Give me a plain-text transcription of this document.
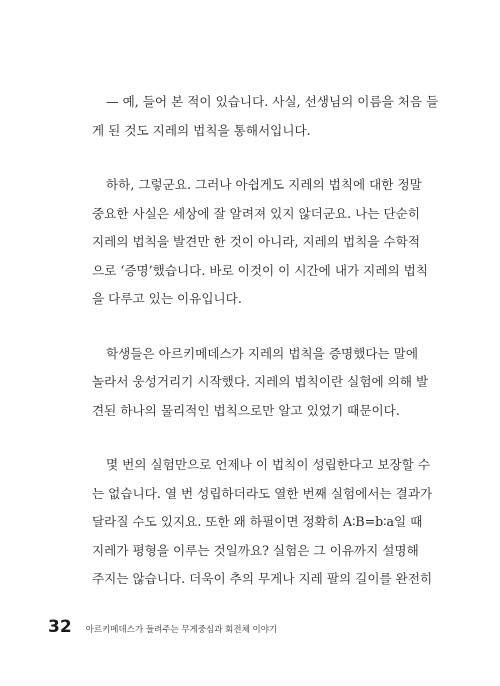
— 예, 들어 본 적이 있습니다. 사실, 선생님의 이름을 처음 들
게 된 것도 지레의 법칙을 통해서입니다.

하하, 그렇군요. 그러나 아쉽게도 지레의 법칙에 대한 정말
중요한 사실은 세상에 잘 알려져 있지 않더군요. 나는 단순히
지레의 법칙을 발견만 한 것이 아니라, 지레의 법칙을 수학적
으로 ‘증명’했습니다. 바로 이것이 이 시간에 내가 지레의 법칙
을 다루고 있는 이유입니다.

학생들은 아르키메데스가 지레의 법칙을 증명했다는 말에
놀라서 웅성거리기 시작했다. 지레의 법칙이란 실험에 의해 발
견된 하나의 물리적인 법칙으로만 알고 있었기 때문이다.

몇 번의 실험만으로 언제나 이 법칙이 성립한다고 보장할 수
는 없습니다. 열 번 성립하더라도 열한 번째 실험에서는 결과가
달라질 수도 있지요. 또한 왜 하필이면 정확히 A∶B=b∶a일 때
지레가 평형을 이루는 것일까요? 실험은 그 이유까지 설명해
주지는 않습니다. 더욱이 추의 무게나 지레 팔의 길이를 완전히

32 아르키메데스가 들려주는 무게중심과 회전체 이야기
